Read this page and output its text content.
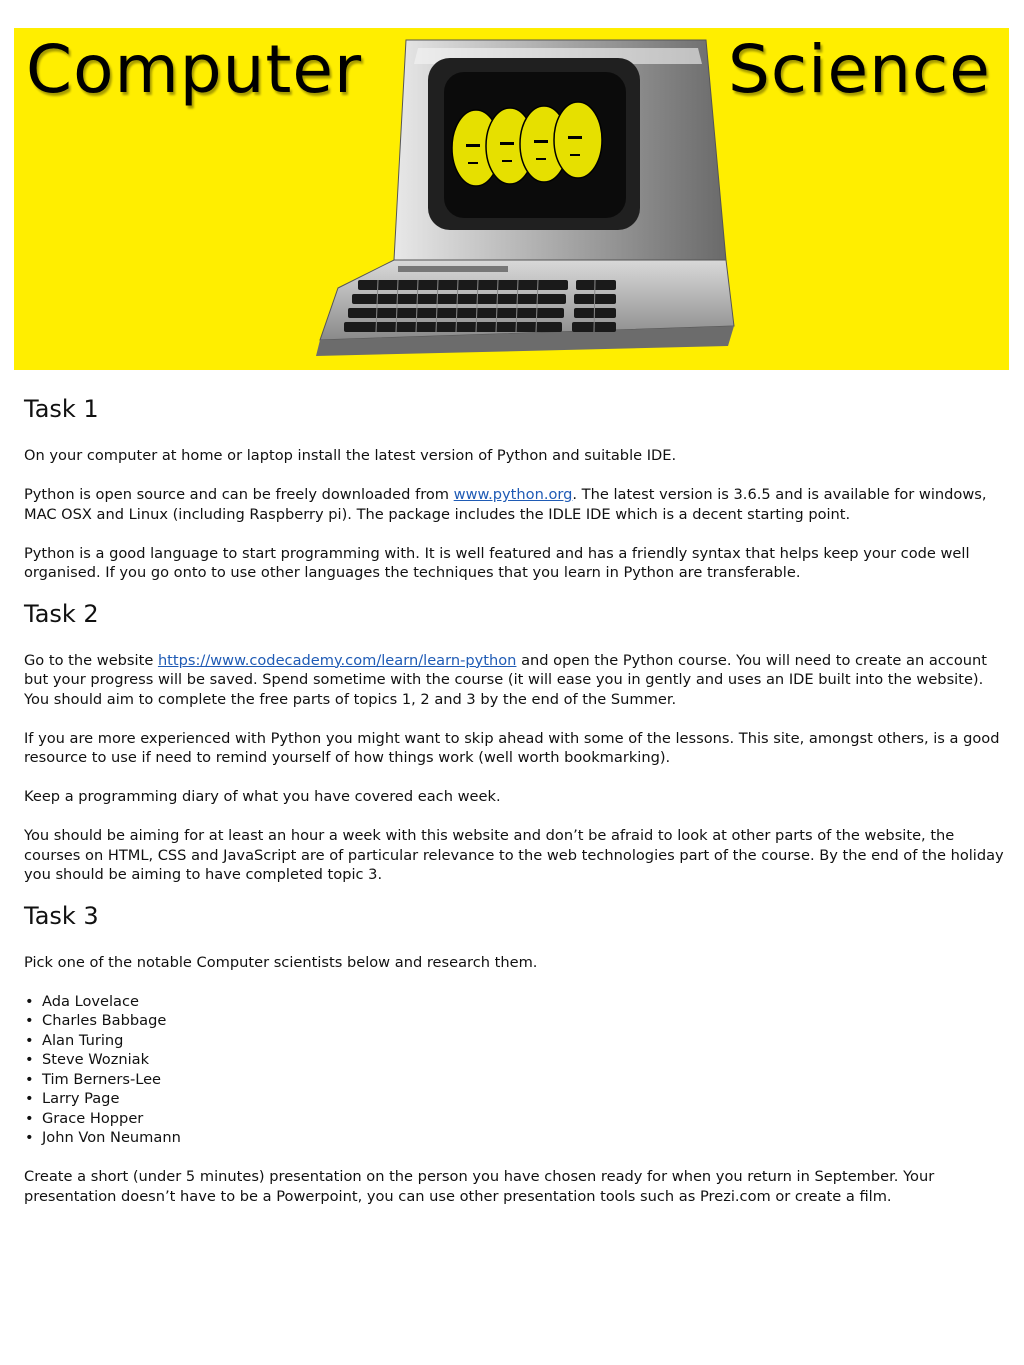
Computer	Science
Task 1

On your computer at home or laptop install the latest version of Python and suitable IDE.

Python is open source and can be freely downloaded from www.python.org. The latest version is 3.6.5 and is available for windows, MAC OSX and Linux (including Raspberry pi). The package includes the IDLE IDE which is a decent starting point.

Python is a good language to start programming with. It is well featured and has a friendly syntax that helps keep your code well organised. If you go onto to use other languages the techniques that you learn in Python are transferable.

Task 2

Go to the website https://www.codecademy.com/learn/learn-python and open the Python course. You will need to create an account but your progress will be saved. Spend sometime with the course (it will ease you in gently and uses an IDE built into the website). You should aim to complete the free parts of topics 1, 2 and 3 by the end of the Summer.

If you are more experienced with Python you might want to skip ahead with some of the lessons. This site, amongst others, is a good resource to use if need to remind yourself of how things work (well worth bookmarking).

Keep a programming diary of what you have covered each week.

You should be aiming for at least an hour a week with this website and don’t be afraid to look at other parts of the website, the courses on HTML, CSS and JavaScript are of particular relevance to the web technologies part of the course. By the end of the holiday you should be aiming to have completed topic 3.

Task 3

Pick one of the notable Computer scientists below and research them.

• Ada Lovelace
• Charles Babbage
• Alan Turing
• Steve Wozniak
• Tim Berners-Lee
• Larry Page
• Grace Hopper
• John Von Neumann

Create a short (under 5 minutes) presentation on the person you have chosen ready for when you return in September. Your presentation doesn’t have to be a Powerpoint, you can use other presentation tools such as Prezi.com or create a film.
